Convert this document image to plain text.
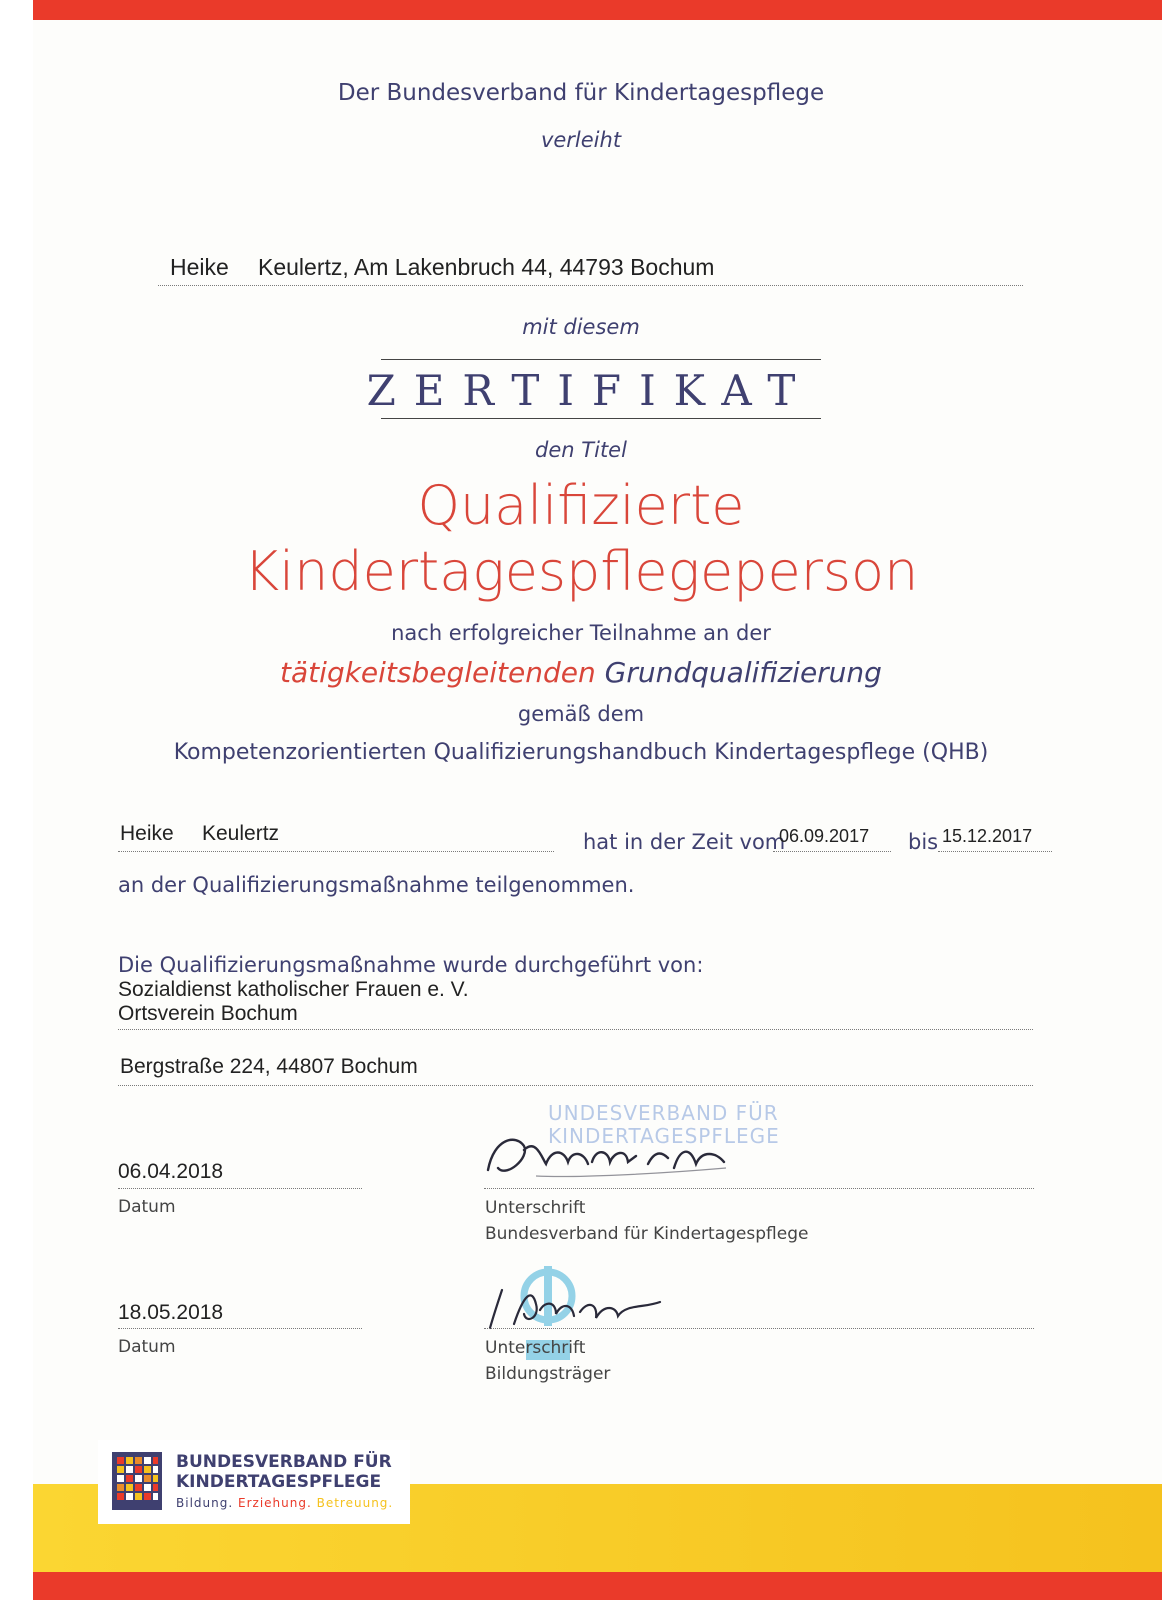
Der Bundesverband für Kindertagespflege
verleiht
Heike Keulertz, Am Lakenbruch 44, 44793 Bochum
mit diesem
ZERTIFIKAT
den Titel
Qualifizierte
Kindertagespflegeperson
nach erfolgreicher Teilnahme an der
tätigkeitsbegleitenden Grundqualifizierung
gemäß dem
Kompetenzorientierten Qualifizierungshandbuch Kindertagespflege (QHB)
Heike Keulertz	hat in der Zeit vom
06.09.2017 bis 15.12.2017
an der Qualifizierungsmaßnahme teilgenommen.
Die Qualifizierungsmaßnahme wurde durchgeführt von:
Sozialdienst katholischer Frauen e. V.
Ortsverein Bochum
Bergstraße 224, 44807 Bochum
UNDESVERBAND FÜR
KINDERTAGESPFLEGE
06.04.2018
Datum	Unterschrift
Bundesverband für Kindertagespflege
18.05.2018
Datum	Unterschrift
Bildungsträger
BUNDESVERBAND FÜR
KINDERTAGESPFLEGE
Bildung. Erziehung. Betreuung.
